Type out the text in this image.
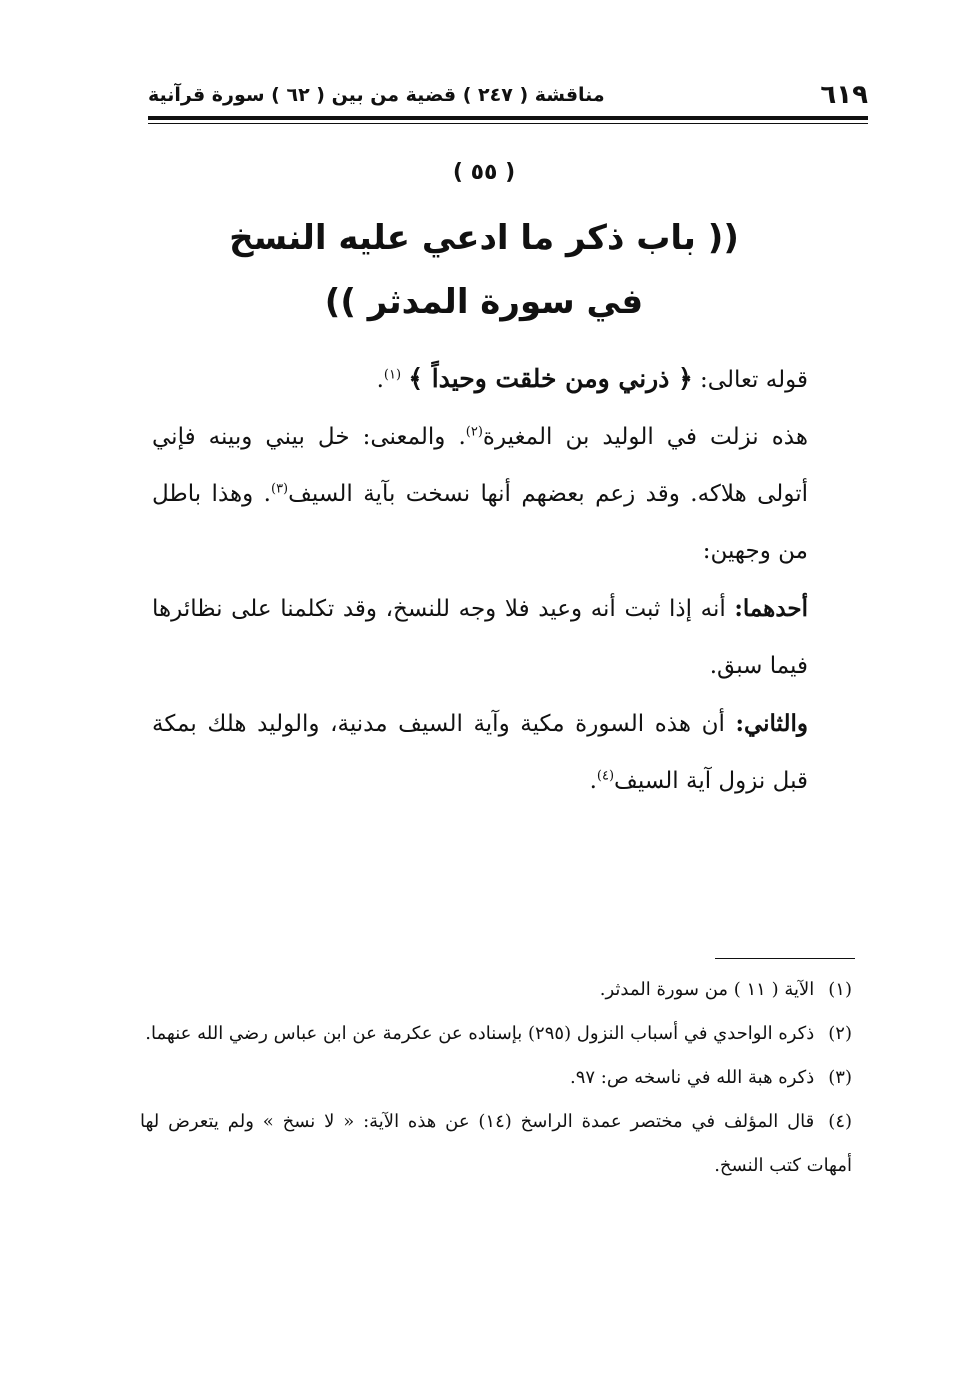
٦١٩
مناقشة ( ٢٤٧ ) قضية من بين ( ٦٢ ) سورة قرآنية
( ٥٥ )
(( باب ذكر ما ادعي عليه النسخ
في سورة المدثر ))

قوله تعالى: ﴿ ذرني ومن خلقت وحيداً ﴾ $^{(١)}$.

هذه نزلت في الوليد بن المغيرة$^{(٢)}$. والمعنى: خل بيني وبينه فإني أتولى هلاكه. وقد زعم بعضهم أنها نسخت بآية السيف$^{(٣)}$. وهذا باطل من وجهين:

أحدهما: أنه إذا ثبت أنه وعيد فلا وجه للنسخ، وقد تكلمنا على نظائرها فيما سبق.

والثاني: أن هذه السورة مكية وآية السيف مدنية، والوليد هلك بمكة قبل نزول آية السيف$^{(٤)}$.

(١)الآية ( ١١ ) من سورة المدثر.

(٢)ذكره الواحدي في أسباب النزول (٢٩٥) بإسناده عن عكرمة عن ابن عباس رضي الله عنهما.

(٣)ذكره هبة الله في ناسخه ص: ٩٧.

(٤)قال المؤلف في مختصر عمدة الراسخ (١٤) عن هذه الآية: « لا نسخ » ولم يتعرض لها أمهات كتب النسخ.
